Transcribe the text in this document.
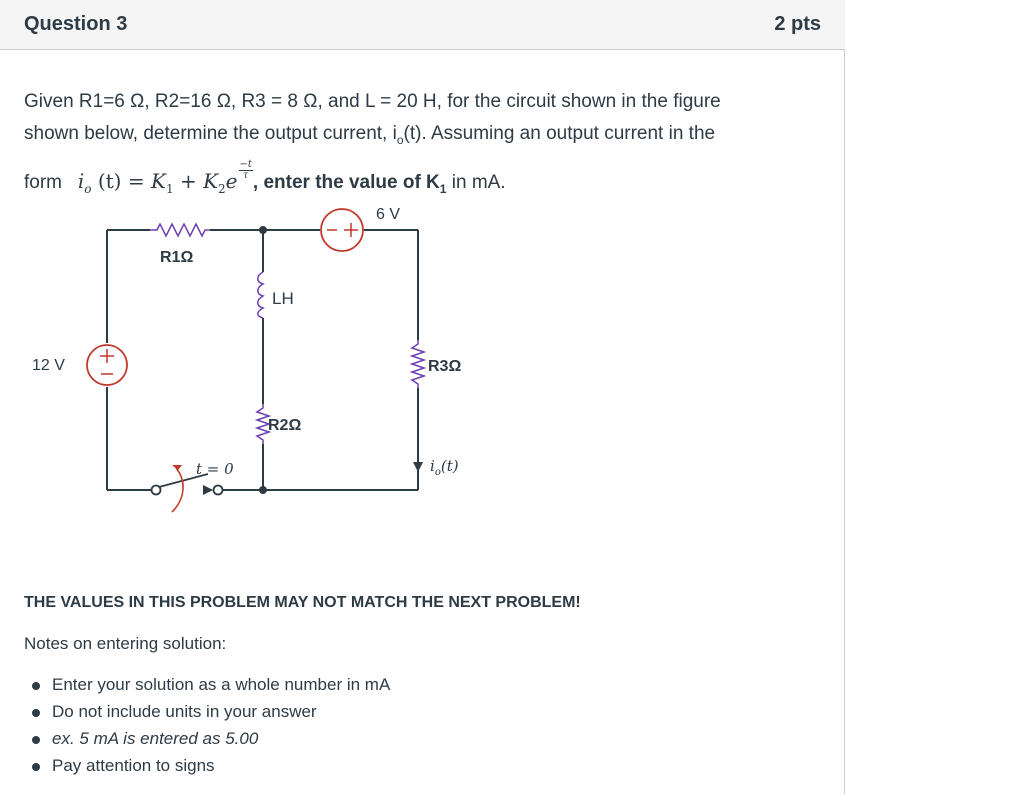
Question 3	2 pts
Given R1=6 Ω, R2=16 Ω, R3 = 8 Ω, and L = 20 H, for the circuit shown in the figure
shown below, determine the output current, $i_o(t)$. Assuming an output current in the
form $i_o$ $(t) = K_1 + K_2e \frac{-t}{\tau}$
, enter the value of $K_1$ in mA.
R1Ω
LH
R2Ω
R3Ω
12 V
6 V
t = 0	$i_o(t)$
THE VALUES IN THIS PROBLEM MAY NOT MATCH THE NEXT PROBLEM!
Notes on entering solution:
Enter your solution as a whole number in mA
Do not include units in your answer
ex. 5 mA is entered as 5.00
Pay attention to signs
